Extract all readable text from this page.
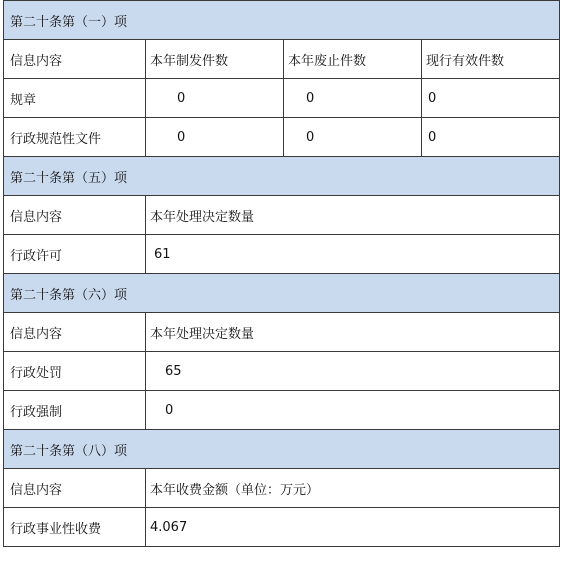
第二十条第（一）项			
信息内容	本年制发件数	本年废止件数	现行有效件数
规章	0	0	0
行政规范性文件	0	0	0
第二十条第（五）项			
信息内容	本年处理决定数量		
行政许可	61		
第二十条第（六）项			
信息内容	本年处理决定数量		
行政处罚	65		
行政强制	0		
第二十条第（八）项			
信息内容	本年收费金额（单位：万元）		
行政事业性收费	4.067		
